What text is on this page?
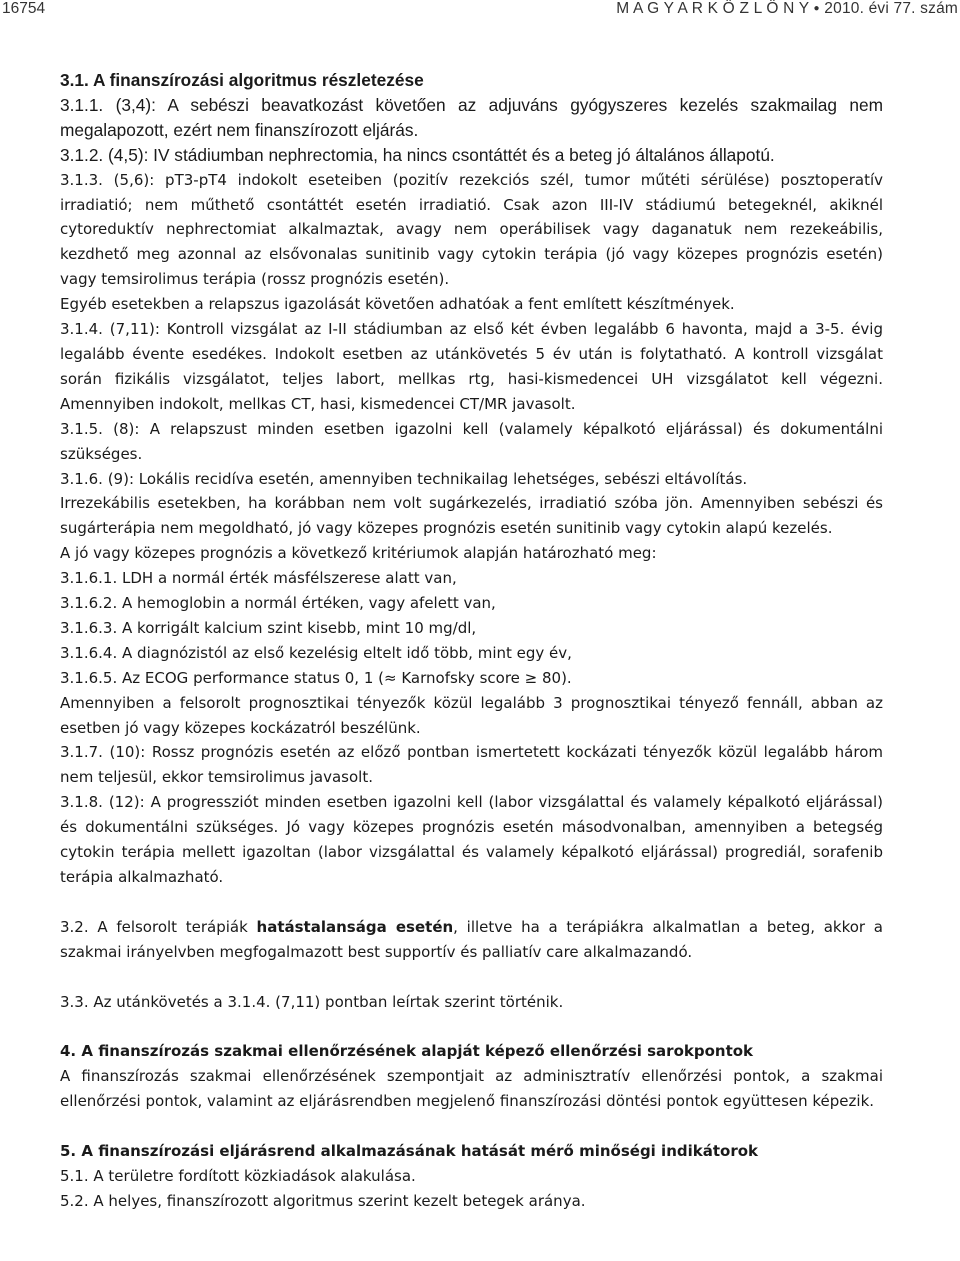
16754	M A G Y A R K Ö Z L Ö N Y ● 2010. évi 77. szám

3.1. A finanszírozási algoritmus részletezése

3.1.1. (3,4): A sebészi beavatkozást követően az adjuváns gyógyszeres kezelés szakmailag nem megalapozott, ezért nem finanszírozott eljárás.

3.1.2. (4,5): IV stádiumban nephrectomia, ha nincs csontáttét és a beteg jó általános állapotú.

3.1.3. (5,6): pT3-pT4 indokolt eseteiben (pozitív rezekciós szél, tumor műtéti sérülése) posztoperatív irradiatió; nem műthető csontáttét esetén irradiatió. Csak azon III-IV stádiumú betegeknél, akiknél cytoreduktív nephrectomiat alkalmaztak, avagy nem operábilisek vagy daganatuk nem rezekeábilis, kezdhető meg azonnal az elsővonalas sunitinib vagy cytokin terápia (jó vagy közepes prognózis esetén) vagy temsirolimus terápia (rossz prognózis esetén).

Egyéb esetekben a relapszus igazolását követően adhatóak a fent említett készítmények.

3.1.4. (7,11): Kontroll vizsgálat az I-II stádiumban az első két évben legalább 6 havonta, majd a 3-5. évig legalább évente esedékes. Indokolt esetben az utánkövetés 5 év után is folytatható. A kontroll vizsgálat során fizikális vizsgálatot, teljes labort, mellkas rtg, hasi-kismedencei UH vizsgálatot kell végezni. Amennyiben indokolt, mellkas CT, hasi, kismedencei CT/MR javasolt.

3.1.5. (8): A relapszust minden esetben igazolni kell (valamely képalkotó eljárással) és dokumentálni szükséges.

3.1.6. (9): Lokális recidíva esetén, amennyiben technikailag lehetséges, sebészi eltávolítás.

Irrezekábilis esetekben, ha korábban nem volt sugárkezelés, irradiatió szóba jön. Amennyiben sebészi és sugárterápia nem megoldható, jó vagy közepes prognózis esetén sunitinib vagy cytokin alapú kezelés.

A jó vagy közepes prognózis a következő kritériumok alapján határozható meg:

3.1.6.1. LDH a normál érték másfélszerese alatt van,

3.1.6.2. A hemoglobin a normál értéken, vagy afelett van,

3.1.6.3. A korrigált kalcium szint kisebb, mint 10 mg/dl,

3.1.6.4. A diagnózistól az első kezelésig eltelt idő több, mint egy év,

3.1.6.5. Az ECOG performance status 0, 1 (≈ Karnofsky score ≥ 80).

Amennyiben a felsorolt prognosztikai tényezők közül legalább 3 prognosztikai tényező fennáll, abban az esetben jó vagy közepes kockázatról beszélünk.

3.1.7. (10): Rossz prognózis esetén az előző pontban ismertetett kockázati tényezők közül legalább három nem teljesül, ekkor temsirolimus javasolt.

3.1.8. (12): A progressziót minden esetben igazolni kell (labor vizsgálattal és valamely képalkotó eljárással) és dokumentálni szükséges. Jó vagy közepes prognózis esetén másodvonalban, amennyiben a betegség cytokin terápia mellett igazoltan (labor vizsgálattal és valamely képalkotó eljárással) progrediál, sorafenib terápia alkalmazható.

3.2. A felsorolt terápiák hatástalansága esetén, illetve ha a terápiákra alkalmatlan a beteg, akkor a szakmai irányelvben megfogalmazott best supportív és palliatív care alkalmazandó.

3.3. Az utánkövetés a 3.1.4. (7,11) pontban leírtak szerint történik.

4. A finanszírozás szakmai ellenőrzésének alapját képező ellenőrzési sarokpontok

A finanszírozás szakmai ellenőrzésének szempontjait az adminisztratív ellenőrzési pontok, a szakmai ellenőrzési pontok, valamint az eljárásrendben megjelenő finanszírozási döntési pontok együttesen képezik.

5. A finanszírozási eljárásrend alkalmazásának hatását mérő minőségi indikátorok

5.1. A területre fordított közkiadások alakulása.

5.2. A helyes, finanszírozott algoritmus szerint kezelt betegek aránya.
